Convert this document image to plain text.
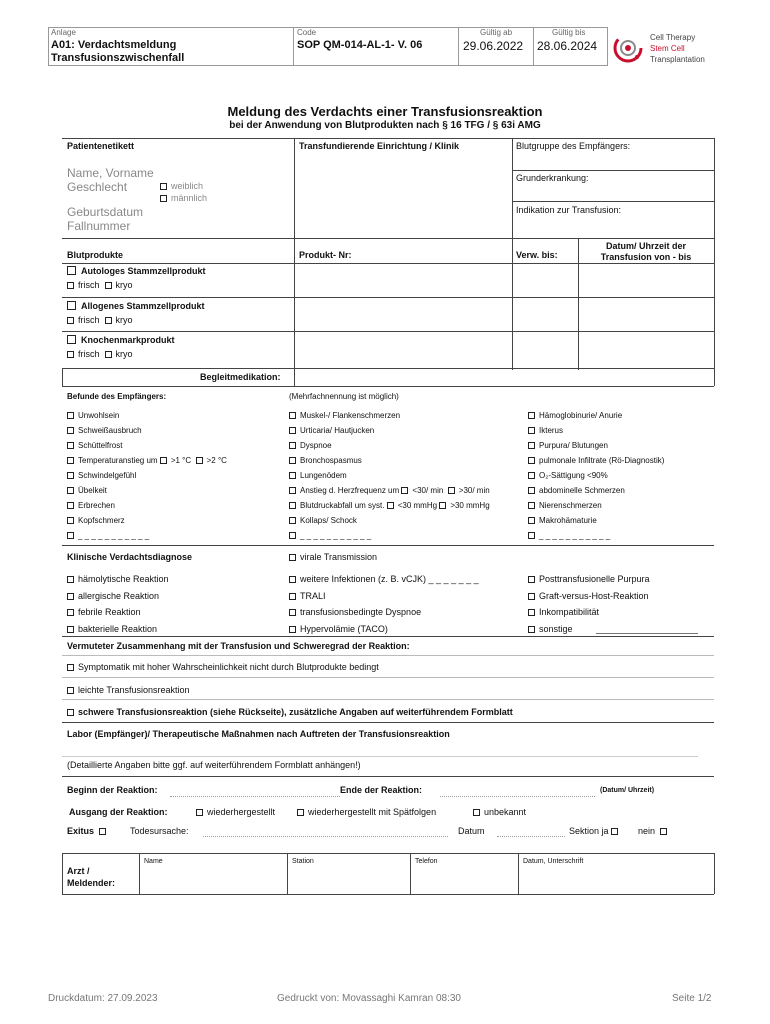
Anlage
A01: Verdachtsmeldung
Transfusionszwischenfall
Code
SOP QM-014-AL-1- V. 06
Gültig ab
29.06.2022
Gültig bis
28.06.2024
Cell Therapy
Stem Cell
Transplantation
Meldung des Verdachts einer Transfusionsreaktion
bei der Anwendung von Blutprodukten nach § 16 TFG / § 63i AMG
Patientenetikett
Name, Vorname
Geschlecht	weiblich
männlich
Geburtsdatum
Fallnummer
Transfundierende Einrichtung / Klinik	Blutgruppe des Empfängers:
Grunderkrankung:
Indikation zur Transfusion:
Blutprodukte	Produkt- Nr:	Verw. bis:
Datum/ Uhrzeit der Transfusion von - bis
Autologes Stammzellprodukt
frisch kryo
Allogenes Stammzellprodukt
frisch kryo
Knochenmarkprodukt
frisch kryo
Begleitmedikation:
Befunde des Empfängers:	(Mehrfachnennung ist möglich)
Unwohlsein
Schweißausbruch
Schüttelfrost
Temperaturanstieg um >1 °C >2 °C
Schwindelgefühl
Übelkeit
Erbrechen
Kopfschmerz
_ _ _ _ _ _ _ _ _ _ _
Muskel-/ Flankenschmerzen
Urticaria/ Hautjucken
Dyspnoe
Bronchospasmus
Lungenödem
Anstieg d. Herzfrequenz um <30/ min >30/ min
Blutdruckabfall um syst. <30 mmHg >30 mmHg
Kollaps/ Schock
_ _ _ _ _ _ _ _ _ _ _
Hämoglobinurie/ Anurie
Ikterus
Purpura/ Blutungen
pulmonale Infiltrate (Rö-Diagnostik)
O₂-Sättigung <90%
abdominelle Schmerzen
Nierenschmerzen
Makrohämaturie
_ _ _ _ _ _ _ _ _ _ _
Klinische Verdachtsdiagnose
hämolytische Reaktion
allergische Reaktion
febrile Reaktion
bakterielle Reaktion
virale Transmission
weitere Infektionen (z. B. vCJK) _ _ _ _ _ _ _
TRALI
transfusionsbedingte Dyspnoe
Hypervolämie (TACO)
Posttransfusionelle Purpura
Graft-versus-Host-Reaktion
Inkompatibilität
sonstige
Vermuteter Zusammenhang mit der Transfusion und Schweregrad der Reaktion:
Symptomatik mit hoher Wahrscheinlichkeit nicht durch Blutprodukte bedingt
leichte Transfusionsreaktion
schwere Transfusionsreaktion (siehe Rückseite), zusätzliche Angaben auf weiterführendem Formblatt
Labor (Empfänger)/ Therapeutische Maßnahmen nach Auftreten der Transfusionsreaktion
(Detaillierte Angaben bitte ggf. auf weiterführendem Formblatt anhängen!)
Beginn der Reaktion:	Ende der Reaktion:	(Datum/ Uhrzeit)
Ausgang der Reaktion:	wiederhergestellt	wiederhergestellt mit Spätfolgen	unbekannt
Exitus	Todesursache:	Datum	Sektion ja	nein
Arzt /
Meldender:
Name	Station	Telefon	Datum, Unterschrift
Druckdatum: 27.09.2023	Gedruckt von: Movassaghi Kamran 08:30	Seite 1/2
